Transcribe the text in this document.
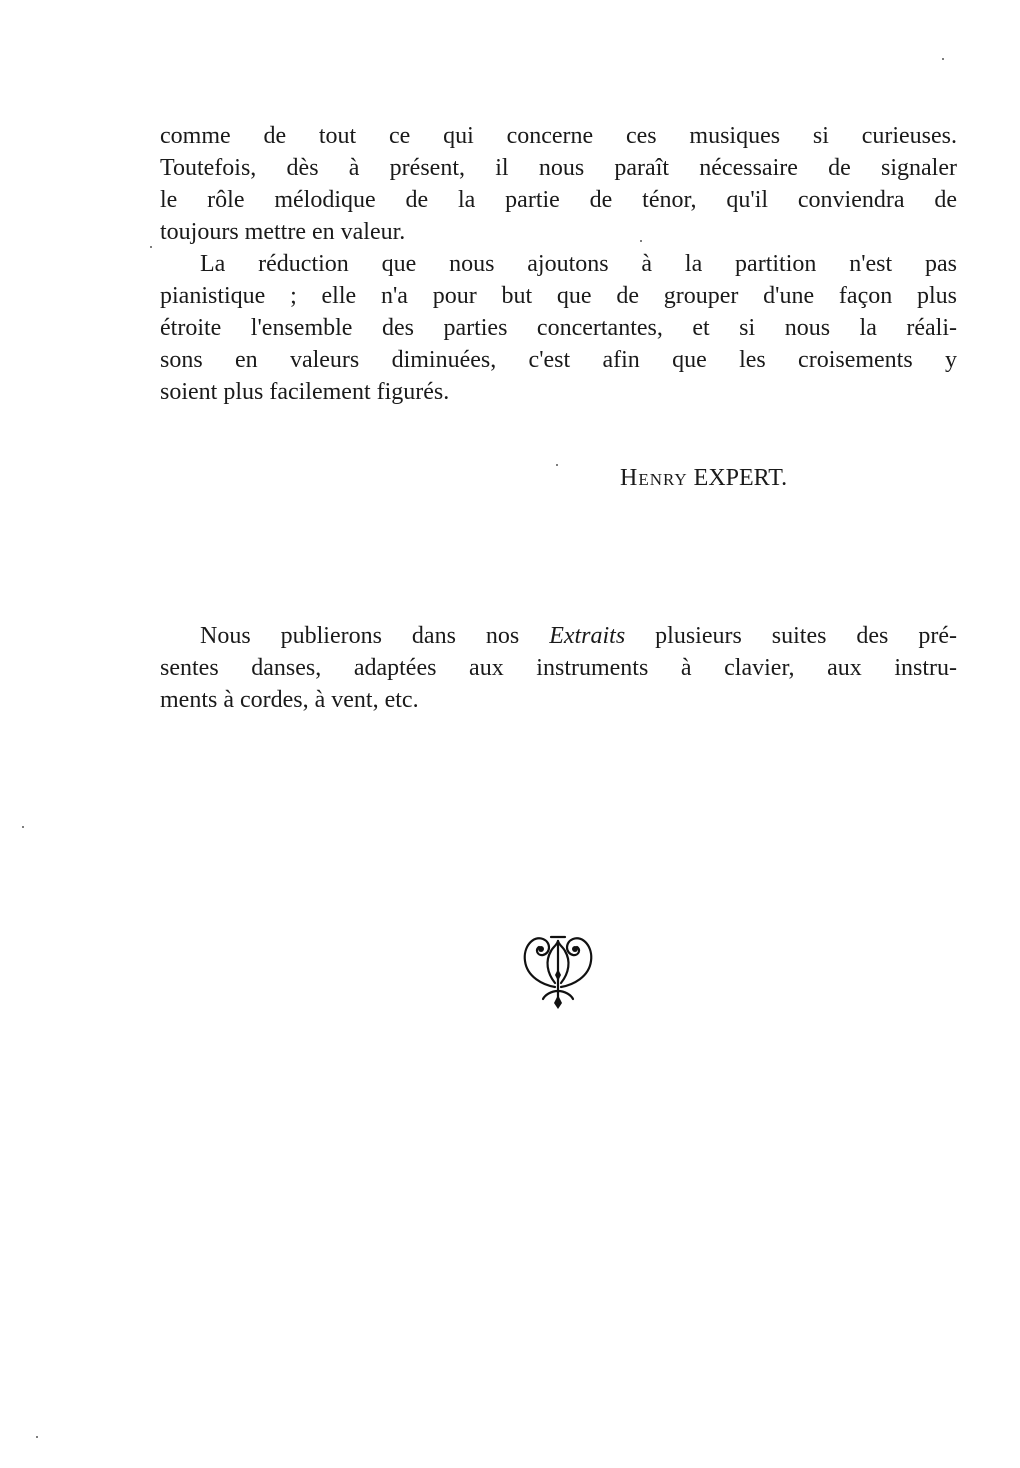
comme de tout ce qui concerne ces musiques si curieuses.
Toutefois, dès à présent, il nous paraît nécessaire de signaler
le rôle mélodique de la partie de ténor, qu'il conviendra de
toujours mettre en valeur.
La réduction que nous ajoutons à la partition n'est pas
pianistique ; elle n'a pour but que de grouper d'une façon plus
étroite l'ensemble des parties concertantes, et si nous la réali-
sons en valeurs diminuées, c'est afin que les croisements y
soient plus facilement figurés.
Henry EXPERT.
Nous publierons dans nos Extraits plusieurs suites des pré-
sentes danses, adaptées aux instruments à clavier, aux instru-
ments à cordes, à vent, etc.
